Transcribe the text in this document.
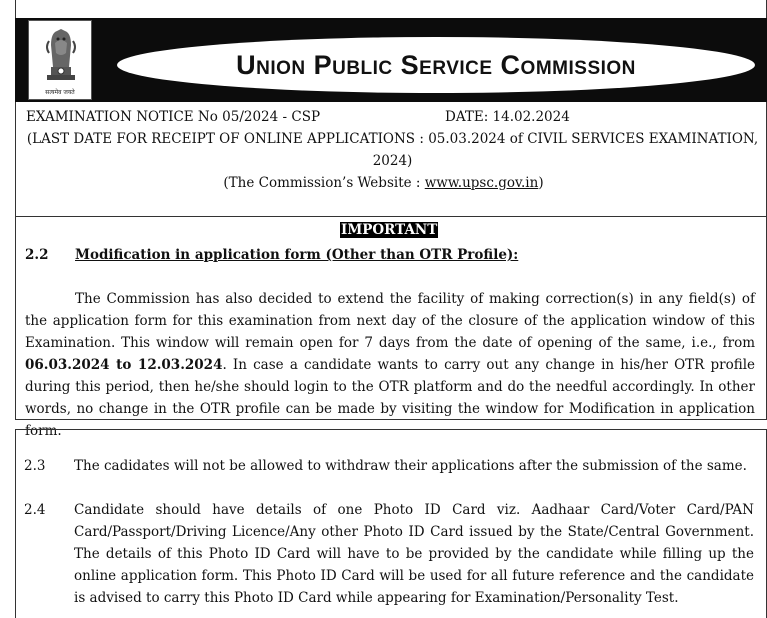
सत्यमेव जयते
Union Public Service Commission
EXAMINATION NOTICE No 05/2024 - CSP	DATE: 14.02.2024
(LAST DATE FOR RECEIPT OF ONLINE APPLICATIONS : 05.03.2024 of CIVIL SERVICES EXAMINATION, 2024)
(The Commission’s Website : www.upsc.gov.in)
IMPORTANT
2.2 Modification in application form (Other than OTR Profile):
The Commission has also decided to extend the facility of making correction(s) in any field(s) of the application form for this examination from next day of the closure of the application window of this Examination. This window will remain open for 7 days from the date of opening of the same, i.e., from 06.03.2024 to 12.03.2024. In case a candidate wants to carry out any change in his/her OTR profile during this period, then he/she should login to the OTR platform and do the needful accordingly. In other words, no change in the OTR profile can be made by visiting the window for Modification in application form.
2.3 The cadidates will not be allowed to withdraw their applications after the submission of the same.
2.4 Candidate should have details of one Photo ID Card viz. Aadhaar Card/Voter Card/PAN Card/Passport/Driving Licence/Any other Photo ID Card issued by the State/Central Government. The details of this Photo ID Card will have to be provided by the candidate while filling up the online application form. This Photo ID Card will be used for all future reference and the candidate is advised to carry this Photo ID Card while appearing for Examination/Personality Test.
